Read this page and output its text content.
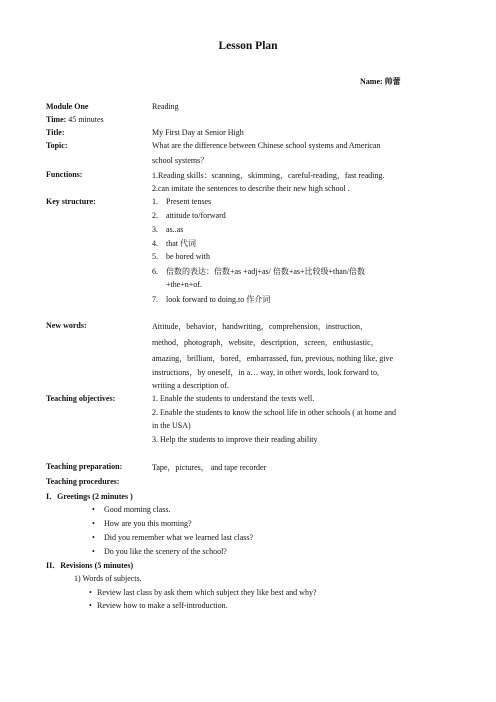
Lesson Plan
Name: 帅蕾
Module One	Reading
Time: 45 minutes
Title:	My First Day at Senior High
Topic:	What are the difference between Chinese school systems and American
school systems？
Functions:	1.Reading skills：scanning，skimming，careful-reading，fast reading.
2.can imitate the sentences to describe their new high school .
Key structure:	1. Present tenses
2. attitude to/forward
3. as..as
4. that 代词
5. be bored with
6. 倍数的表达：倍数+as +adj+as/ 倍数+as+比较级+than/倍数
+the+n+of.
7. look forward to doing.to 作介词
New words:	Attitude，behavior，handwriting，comprehension，instruction，
method，photograph，website，description，screen，enthusiastic，
amazing，brilliant，bored，embarrassed, fun, previous, nothing like, give
instructions，by oneself，in a… way, in other words, look forward to,
writing a description of.
Teaching objectives:	1. Enable the students to understand the texts well.
2. Enable the students to know the school life in other schools ( at home and
in the USA)
3. Help the students to improve their reading ability
Teaching preparation:	Tape，pictures， and tape recorder
Teaching procedures:
I．Greetings (2 minutes )
• Good morning class.
• How are you this morning?
• Did you remember what we learned last class?
• Do you like the scenery of the school?
II．Revisions (5 minutes)
1) Words of subjects.
• Review last class by ask them which subject they like best and why?
• Review how to make a self-introduction.
